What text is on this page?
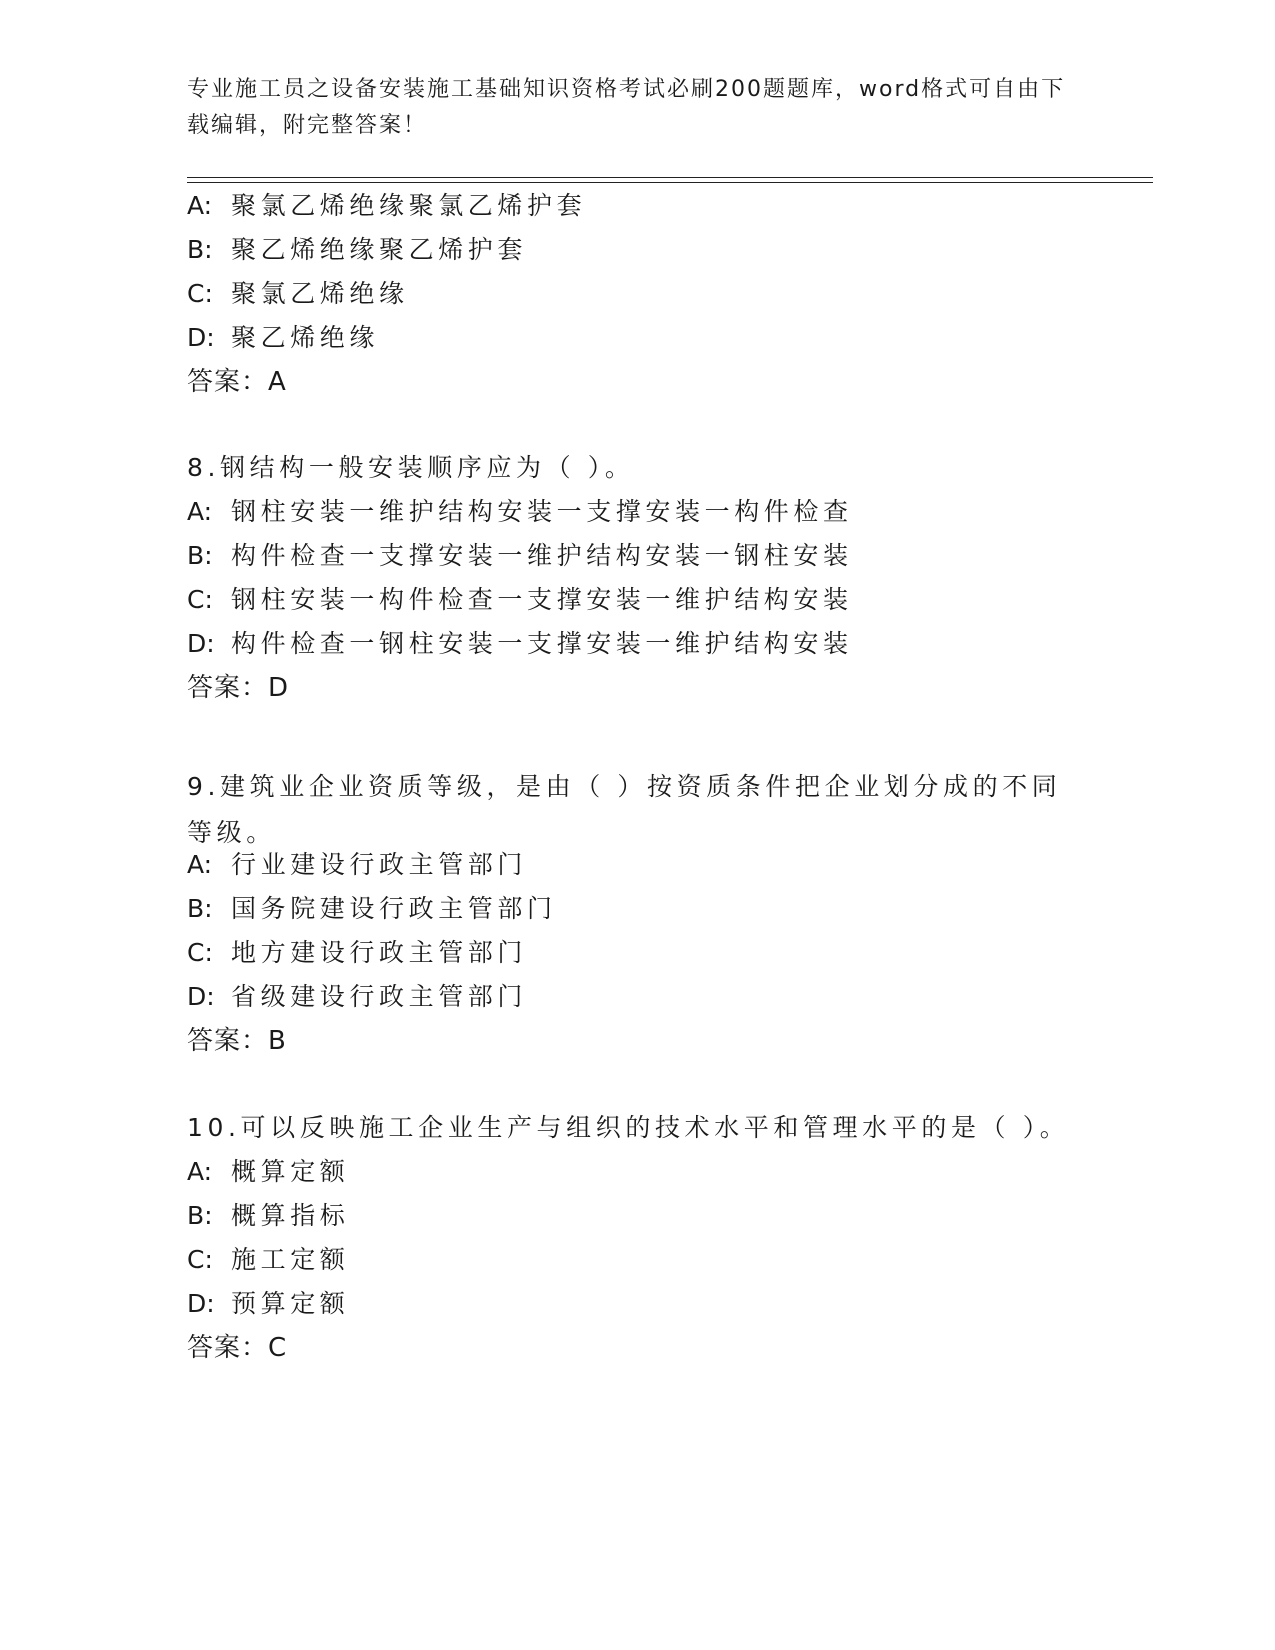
专业施工员之设备安装施工基础知识资格考试必刷200题题库，word格式可自由下载编辑，附完整答案！
A: 聚氯乙烯绝缘聚氯乙烯护套
B: 聚乙烯绝缘聚乙烯护套
C: 聚氯乙烯绝缘
D: 聚乙烯绝缘
答案：A
8.钢结构一般安装顺序应为（ ）。
A: 钢柱安装一维护结构安装一支撑安装一构件检查
B: 构件检查一支撑安装一维护结构安装一钢柱安装
C: 钢柱安装一构件检查一支撑安装一维护结构安装
D: 构件检查一钢柱安装一支撑安装一维护结构安装
答案：D
9.建筑业企业资质等级，是由（ ）按资质条件把企业划分成的不同等级。
A: 行业建设行政主管部门
B: 国务院建设行政主管部门
C: 地方建设行政主管部门
D: 省级建设行政主管部门
答案：B
10.可以反映施工企业生产与组织的技术水平和管理水平的是（ ）。
A: 概算定额
B: 概算指标
C: 施工定额
D: 预算定额
答案：C
